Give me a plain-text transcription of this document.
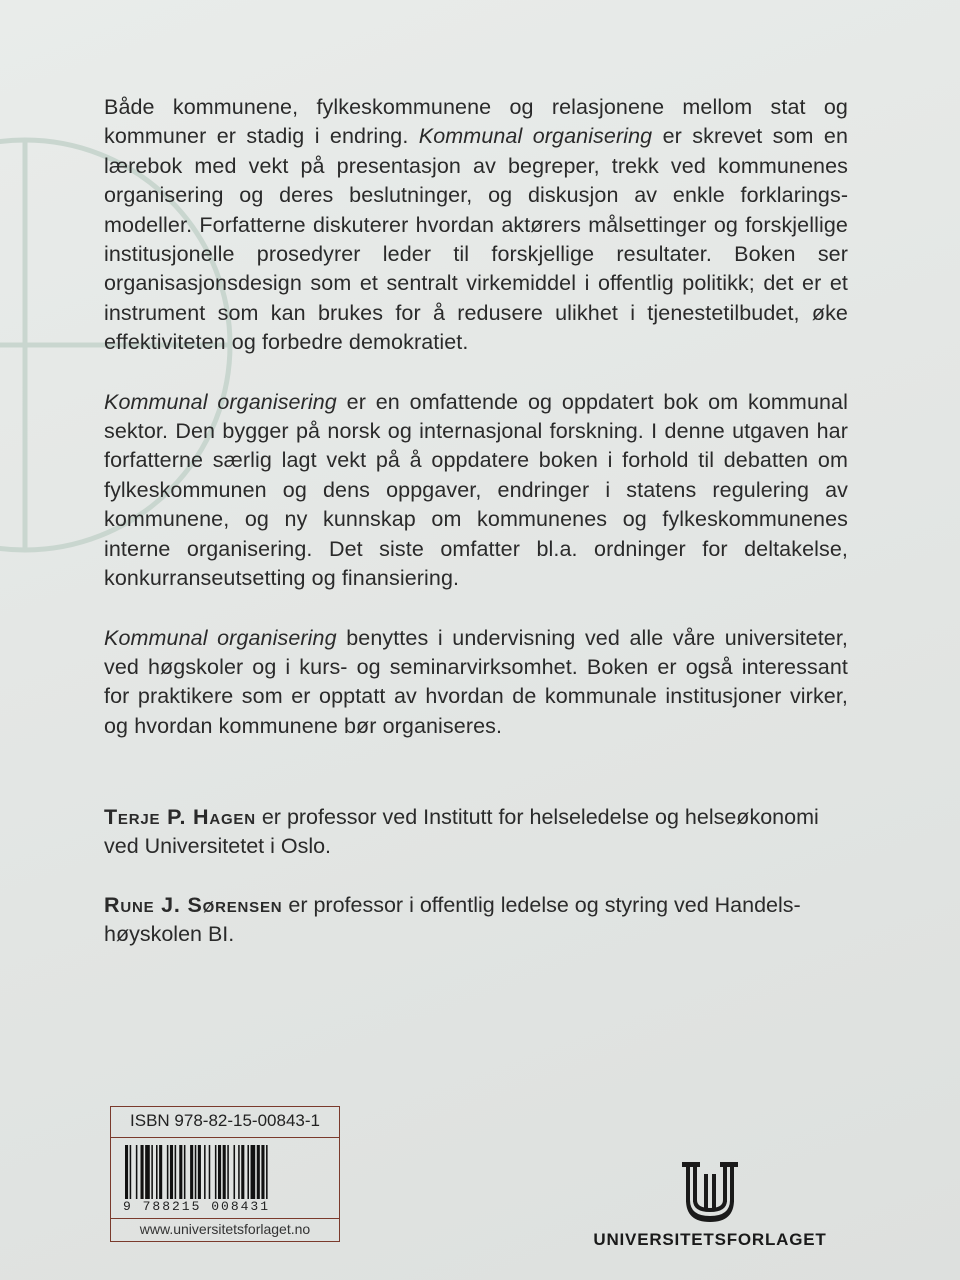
Både kommunene, fylkeskommunene og relasjonene mellom stat og kommuner er stadig i endring. Kommunal organisering er skrevet som en lærebok med vekt på presentasjon av begreper, trekk ved kommunenes organisering og deres beslutninger, og diskusjon av enkle forklaringsmodeller. Forfatterne diskuterer hvordan aktørers målsettinger og forskjellige institusjonelle prosedyrer leder til forskjellige resultater. Boken ser organisasjonsdesign som et sentralt virkemiddel i offentlig politikk; det er et instrument som kan brukes for å redusere ulikhet i tjenestetilbudet, øke effektiviteten og forbedre demokratiet.

Kommunal organisering er en omfattende og oppdatert bok om kommunal sektor. Den bygger på norsk og internasjonal forskning. I denne utgaven har forfatterne særlig lagt vekt på å oppdatere boken i forhold til debatten om fylkeskommunen og dens oppgaver, endringer i statens regulering av kommunene, og ny kunnskap om kommunenes og fylkeskommunenes interne organisering. Det siste omfatter bl.a. ordninger for deltakelse, konkurranseutsetting og finansiering.

Kommunal organisering benyttes i undervisning ved alle våre universiteter, ved høgskoler og i kurs- og seminarvirksomhet. Boken er også interessant for praktikere som er opptatt av hvordan de kommunale institusjoner virker, og hvordan kommunene bør organiseres.

Terje P. Hagen er professor ved Institutt for helseledelse og helseøkonomi ved Universitetet i Oslo.

Rune J. Sørensen er professor i offentlig ledelse og styring ved Handelshøyskolen BI.

ISBN 978-82-15-00843-1
9 788215 008431
www.universitetsforlaget.no
UNIVERSITETSFORLAGET
